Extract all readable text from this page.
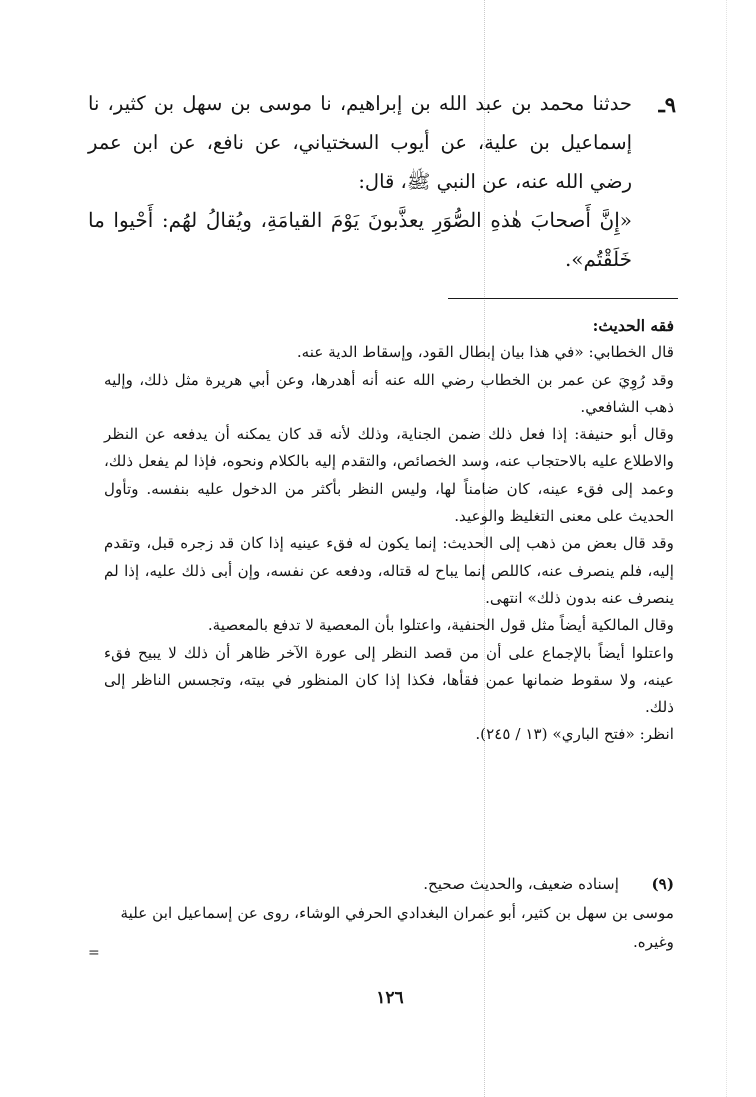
٩ـ
حدثنا محمد بن عبد الله بن إبراهيم، نا موسى بن سهل بن كثير، نا إسماعيل بن علية، عن أيوب السختياني، عن نافع، عن ابن عمر رضي الله عنه، عن النبي ﷺ، قال:
«إِنَّ أَصحابَ هٰذهِ الصُّوَرِ يعذَّبونَ يَوْمَ القيامَةِ، ويُقالُ لهُم: أَحْيوا ما خَلَقْتُم».

فقه الحديث:

قال الخطابي: «في هذا بيان إبطال القود، وإسقاط الدية عنه.

وقد رُوِيَ عن عمر بن الخطاب رضي الله عنه أنه أهدرها، وعن أبي هريرة مثل ذلك، وإليه ذهب الشافعي.

وقال أبو حنيفة: إذا فعل ذلك ضمن الجناية، وذلك لأنه قد كان يمكنه أن يدفعه عن النظر والاطلاع عليه بالاحتجاب عنه، وسد الخصائص، والتقدم إليه بالكلام ونحوه، فإذا لم يفعل ذلك، وعمد إلى فقء عينه، كان ضامناً لها، وليس النظر بأكثر من الدخول عليه بنفسه. وتأول الحديث على معنى التغليظ والوعيد.

وقد قال بعض من ذهب إلى الحديث: إنما يكون له فقء عينيه إذا كان قد زجره قبل، وتقدم إليه، فلم ينصرف عنه، كاللص إنما يباح له قتاله، ودفعه عن نفسه، وإن أبى ذلك عليه، إذا لم ينصرف عنه بدون ذلك» انتهى.

وقال المالكية أيضاً مثل قول الحنفية، واعتلوا بأن المعصية لا تدفع بالمعصية.

واعتلوا أيضاً بالإجماع على أن من قصد النظر إلى عورة الآخر ظاهر أن ذلك لا يبيح فقء عينه، ولا سقوط ضمانها عمن فقأها، فكذا إذا كان المنظور في بيته، وتجسس الناظر إلى ذلك.

انظر: «فتح الباري» (١٣ / ٢٤٥).

(٩)

إسناده ضعيف، والحديث صحيح.

موسى بن سهل بن كثير، أبو عمران البغدادي الحرفي الوشاء، روى عن إسماعيل ابن علية وغيره.

=
١٢٦
